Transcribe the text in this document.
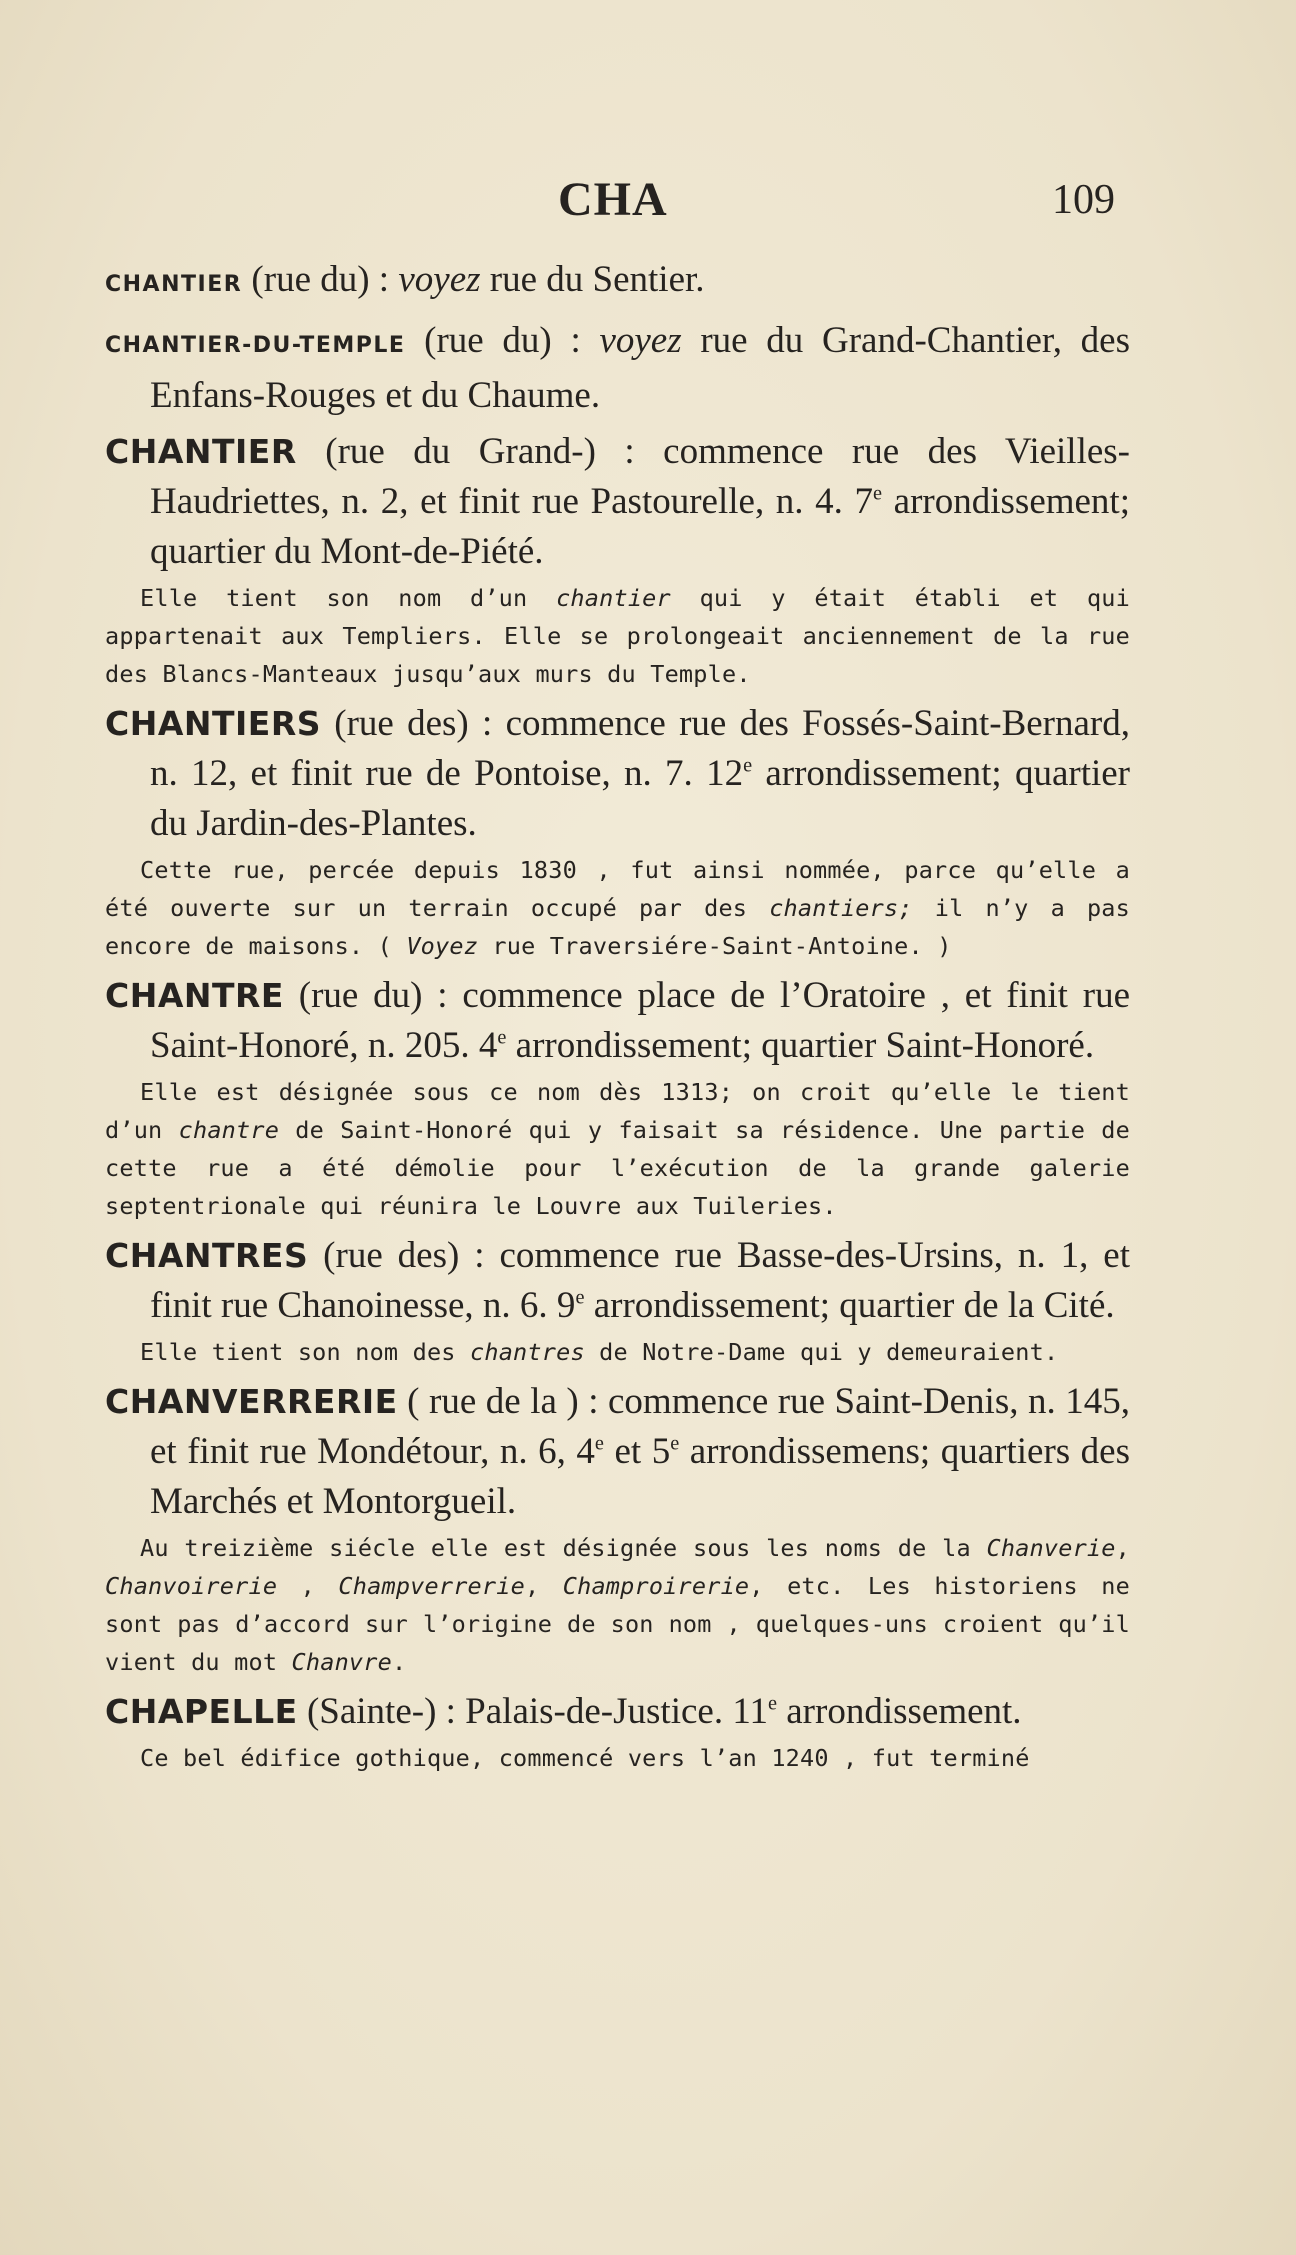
CHA	109
CHANTIER (rue du) : voyez rue du Sentier.
CHANTIER-DU-TEMPLE (rue du) : voyez rue du Grand-Chantier, des Enfans-Rouges et du Chaume.
CHANTIER (rue du Grand-) : commence rue des Vieilles-Haudriettes, n. 2, et finit rue Pastourelle, n. 4. 7e arrondissement; quartier du Mont-de-Piété.
Elle tient son nom d’un chantier qui y était établi et qui appartenait aux Templiers. Elle se prolongeait anciennement de la rue des Blancs-Manteaux jusqu’aux murs du Temple.
CHANTIERS (rue des) : commence rue des Fossés-Saint-Bernard, n. 12, et finit rue de Pontoise, n. 7. 12e arrondissement; quartier du Jardin-des-Plantes.
Cette rue, percée depuis 1830 , fut ainsi nommée, parce qu’elle a été ouverte sur un terrain occupé par des chantiers; il n’y a pas encore de maisons. ( Voyez rue Traversiére-Saint-Antoine. )
CHANTRE (rue du) : commence place de l’Oratoire , et finit rue Saint-Honoré, n. 205. 4e arrondissement; quartier Saint-Honoré.
Elle est désignée sous ce nom dès 1313; on croit qu’elle le tient d’un chantre de Saint-Honoré qui y faisait sa résidence. Une partie de cette rue a été démolie pour l’exécution de la grande galerie septentrionale qui réunira le Louvre aux Tuileries.
CHANTRES (rue des) : commence rue Basse-des-Ursins, n. 1, et finit rue Chanoinesse, n. 6. 9e arrondissement; quartier de la Cité.
Elle tient son nom des chantres de Notre-Dame qui y demeuraient.
CHANVERRERIE ( rue de la ) : commence rue Saint-Denis, n. 145, et finit rue Mondétour, n. 6, 4e et 5e arrondissemens; quartiers des Marchés et Montorgueil.
Au treizième siécle elle est désignée sous les noms de la Chanverie, Chanvoirerie , Champverrerie, Champroirerie, etc. Les historiens ne sont pas d’accord sur l’origine de son nom , quelques-uns croient qu’il vient du mot Chanvre.
CHAPELLE (Sainte-) : Palais-de-Justice. 11e arrondissement.
Ce bel édifice gothique, commencé vers l’an 1240 , fut terminé
